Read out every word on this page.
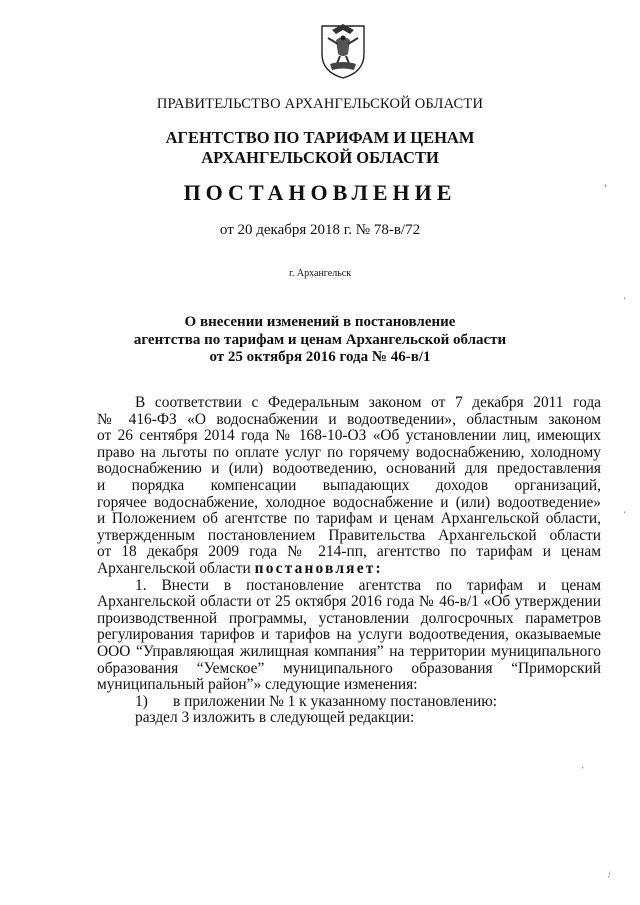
ПРАВИТЕЛЬСТВО АРХАНГЕЛЬСКОЙ ОБЛАСТИ
АГЕНТСТВО ПО ТАРИФАМ И ЦЕНАМ
АРХАНГЕЛЬСКОЙ ОБЛАСТИ
ПОСТАНОВЛЕНИЕ
от 20 декабря 2018 г. № 78-в/72
г. Архангельск
О внесении изменений в постановление
агентства по тарифам и ценам Архангельской области
от 25 октября 2016 года № 46-в/1
В соответствии с Федеральным законом от 7 декабря 2011 года
№ 416-ФЗ «О водоснабжении и водоотведении», областным законом
от 26 сентября 2014 года № 168-10-ОЗ «Об установлении лиц, имеющих
право на льготы по оплате услуг по горячему водоснабжению, холодному
водоснабжению и (или) водоотведению, оснований для предоставления
и порядка компенсации выпадающих доходов организаций,
горячее водоснабжение, холодное водоснабжение и (или) водоотведение»
и Положением об агентстве по тарифам и ценам Архангельской области,
утвержденным постановлением Правительства Архангельской области
от 18 декабря 2009 года № 214-пп, агентство по тарифам и ценам
Архангельской области постановляет:
1. Внести в постановление агентства по тарифам и ценам
Архангельской области от 25 октября 2016 года № 46-в/1 «Об утверждении
производственной программы, установлении долгосрочных параметров
регулирования тарифов и тарифов на услуги водоотведения, оказываемые
ООО “Управляющая жилищная компания” на территории муниципального
образования “Уемское” муниципального образования “Приморский
муниципальный район”» следующие изменения:
1) в приложении № 1 к указанному постановлению:
раздел 3 изложить в следующей редакции:
›
'
'
'
/
